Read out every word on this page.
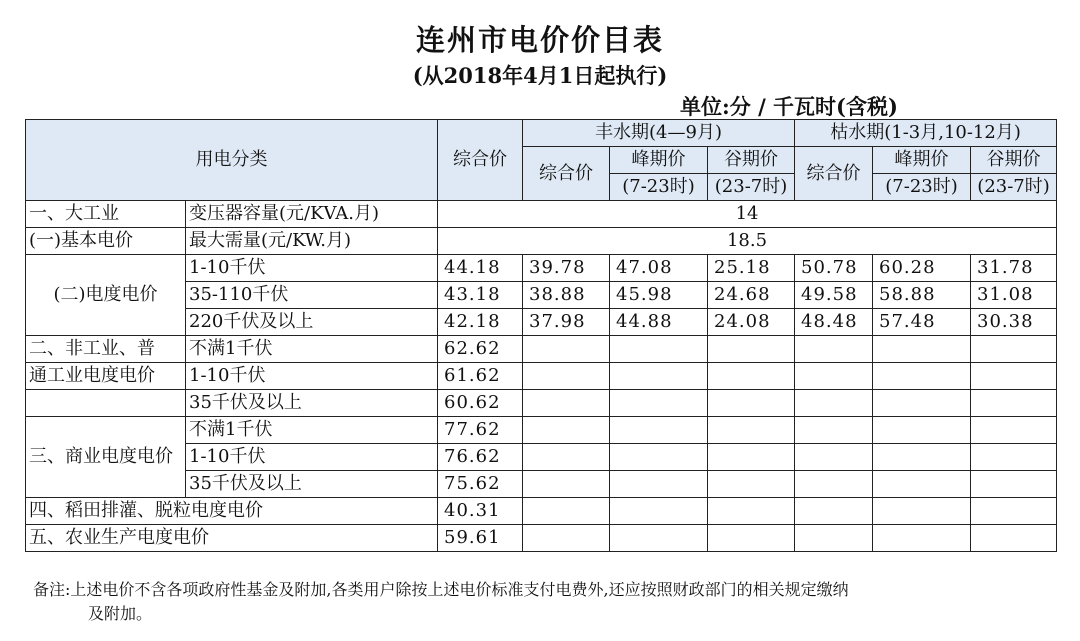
连州市电价价目表
(从2018年4月1日起执行)
单位:分 / 千瓦时(含税)
用电分类		综合价	丰水期(4—9月)			枯水期(1-3月,10-12月)		
			综合价	峰期价	谷期价	综合价	峰期价	谷期价
				(7-23时)	(23-7时)		(7-23时)	(23-7时)
一、大工业	变压器容量(元/KVA.月)	14						
(一)基本电价	最大需量(元/KW.月)	18.5						
(二)电度电价	1-10千伏	44.18	39.78	47.08	25.18	50.78	60.28	31.78
	35-110千伏	43.18	38.88	45.98	24.68	49.58	58.88	31.08
	220千伏及以上	42.18	37.98	44.88	24.08	48.48	57.48	30.38
二、非工业、普	不满1千伏	62.62						
通工业电度电价	1-10千伏	61.62						
	35千伏及以上	60.62						
三、商业电度电价	不满1千伏	77.62						
	1-10千伏	76.62						
	35千伏及以上	75.62						
四、稻田排灌、脱粒电度电价		40.31						
五、农业生产电度电价		59.61						
备注:上述电价不含各项政府性基金及附加,各类用户除按上述电价标准支付电费外,还应按照财政部门的相关规定缴纳
及附加。
